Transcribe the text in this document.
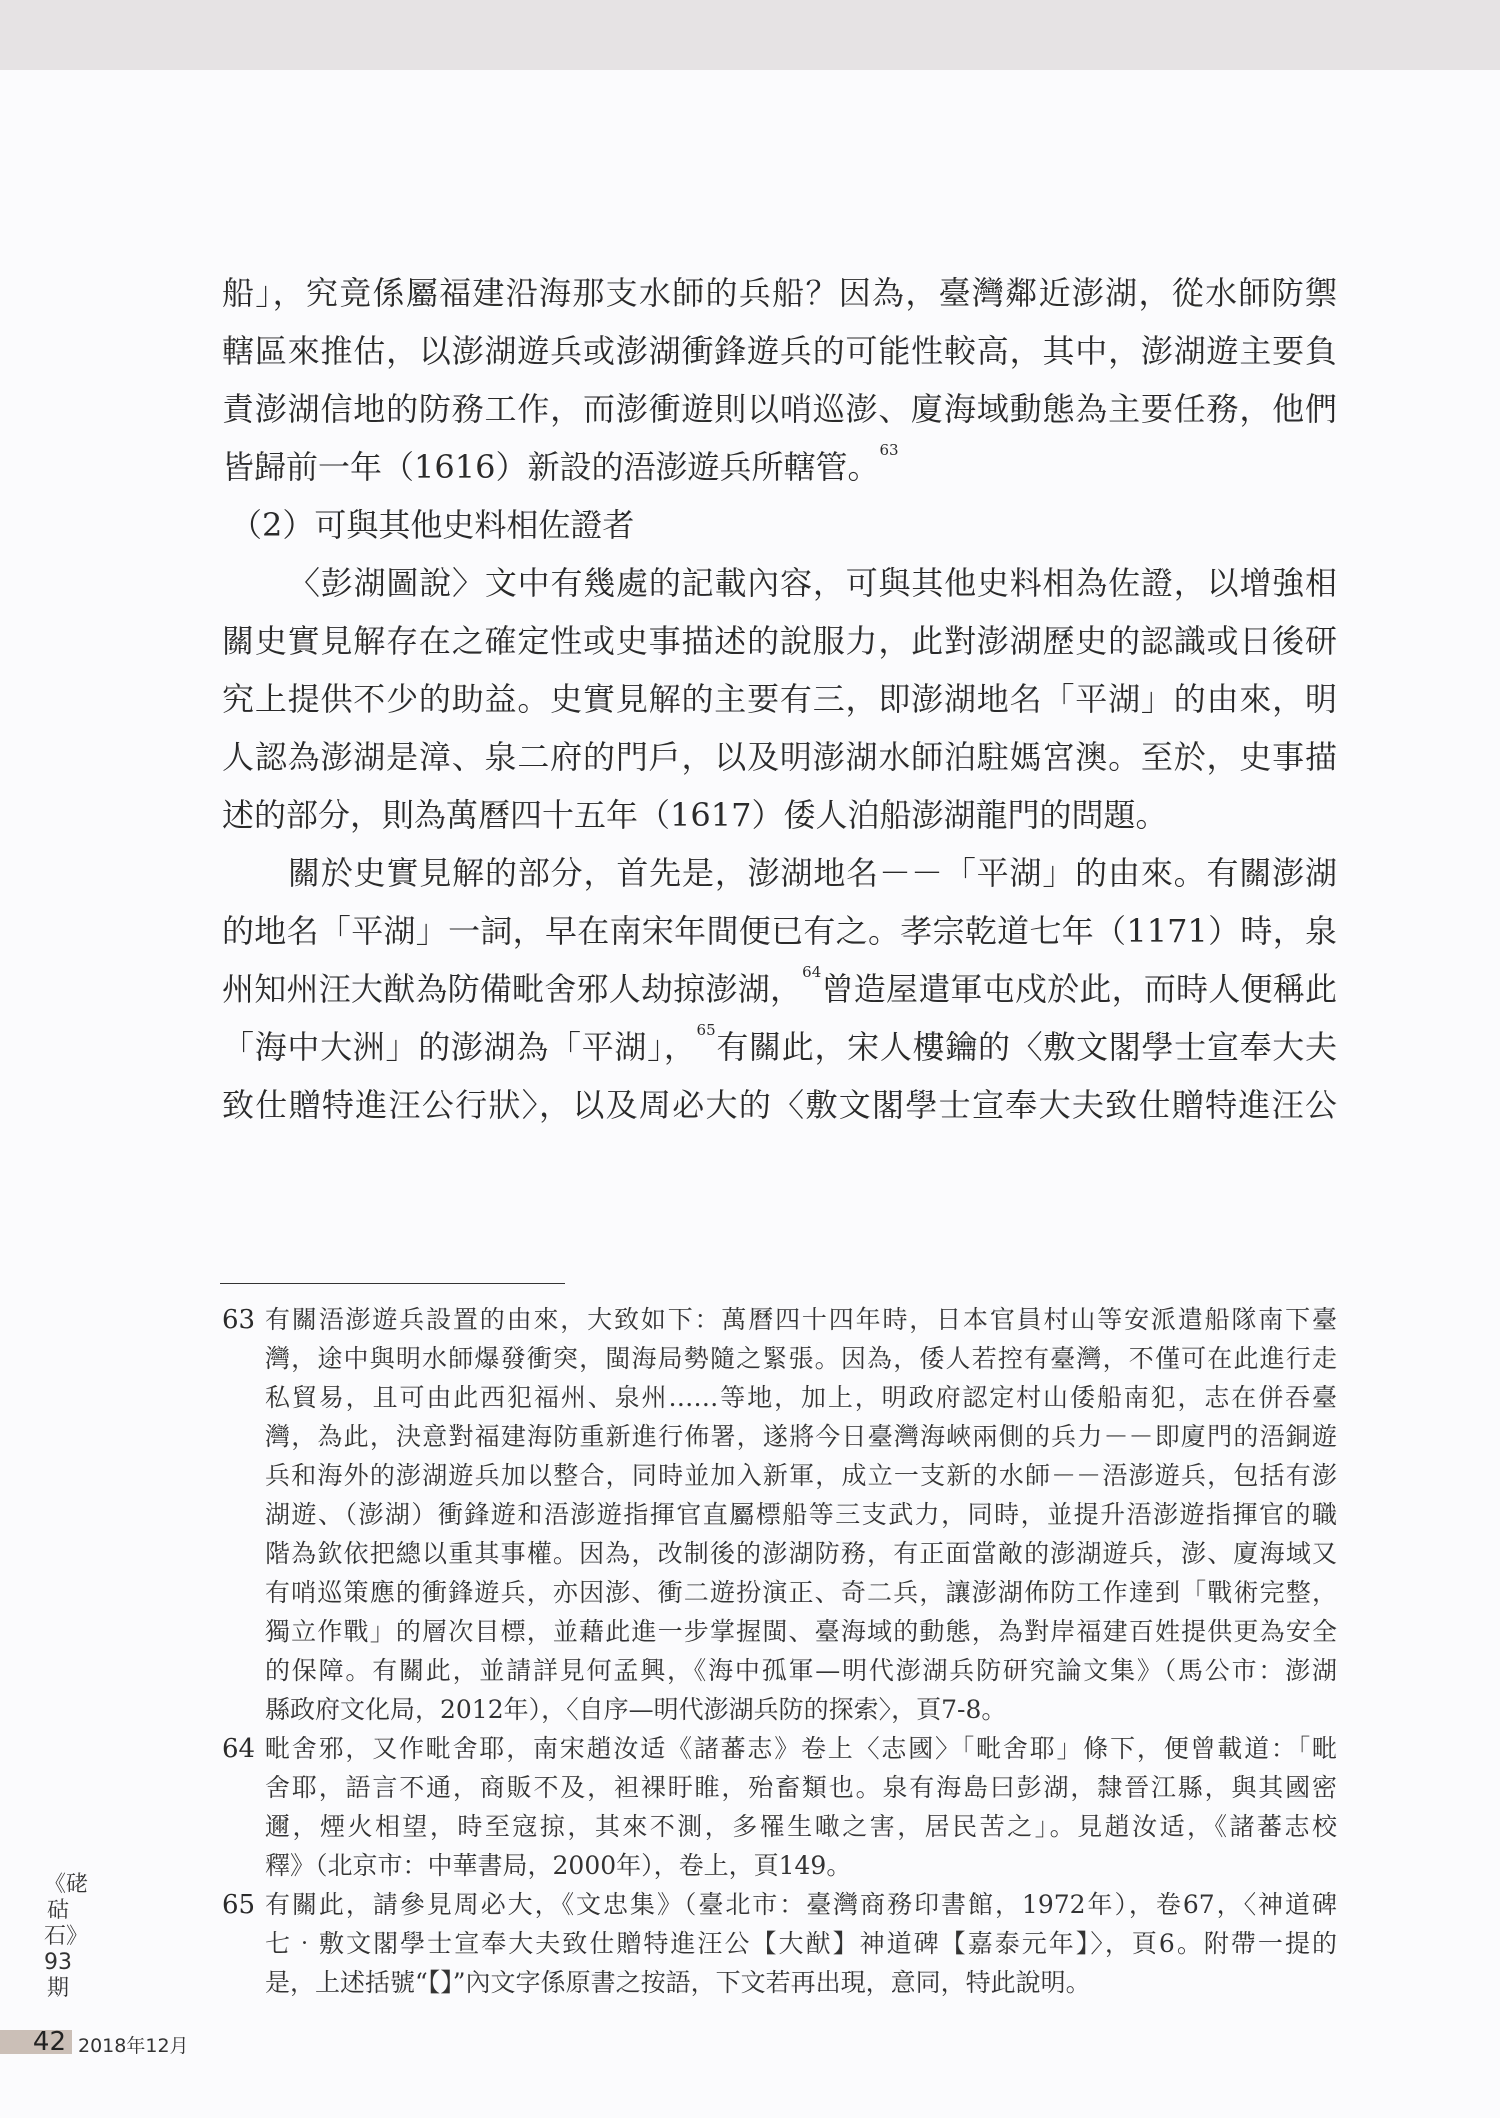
船」，究竟係屬福建沿海那支水師的兵船？因為，臺灣鄰近澎湖，從水師防禦
轄區來推估，以澎湖遊兵或澎湖衝鋒遊兵的可能性較高，其中，澎湖遊主要負
責澎湖信地的防務工作，而澎衝遊則以哨巡澎、廈海域動態為主要任務，他們
皆歸前一年（1616）新設的浯澎遊兵所轄管。$^{63}$
（2）可與其他史料相佐證者
〈彭湖圖說〉文中有幾處的記載內容，可與其他史料相為佐證，以增強相
關史實見解存在之確定性或史事描述的說服力，此對澎湖歷史的認識或日後研
究上提供不少的助益。史實見解的主要有三，即澎湖地名「平湖」的由來，明
人認為澎湖是漳、泉二府的門戶，以及明澎湖水師泊駐媽宮澳。至於，史事描
述的部分，則為萬曆四十五年（1617）倭人泊船澎湖龍門的問題。
關於史實見解的部分，首先是，澎湖地名－－「平湖」的由來。有關澎湖
的地名「平湖」一詞，早在南宋年間便已有之。孝宗乾道七年（1171）時，泉
州知州汪大猷為防備毗舍邪人劫掠澎湖，$^{64}$曾造屋遣軍屯戍於此，而時人便稱此
「海中大洲」的澎湖為「平湖」，$^{65}$有關此，宋人樓鑰的〈敷文閣學士宣奉大夫
致仕贈特進汪公行狀〉，以及周必大的〈敷文閣學士宣奉大夫致仕贈特進汪公
63 有關浯澎遊兵設置的由來，大致如下：萬曆四十四年時，日本官員村山等安派遣船隊南下臺
灣，途中與明水師爆發衝突，閩海局勢隨之緊張。因為，倭人若控有臺灣，不僅可在此進行走
私貿易，且可由此西犯福州、泉州……等地，加上，明政府認定村山倭船南犯，志在併吞臺
灣，為此，決意對福建海防重新進行佈署，遂將今日臺灣海峽兩側的兵力－－即廈門的浯銅遊
兵和海外的澎湖遊兵加以整合，同時並加入新軍，成立一支新的水師－－浯澎遊兵，包括有澎
湖遊、（澎湖）衝鋒遊和浯澎遊指揮官直屬標船等三支武力，同時，並提升浯澎遊指揮官的職
階為欽依把總以重其事權。因為，改制後的澎湖防務，有正面當敵的澎湖遊兵，澎、廈海域又
有哨巡策應的衝鋒遊兵，亦因澎、衝二遊扮演正、奇二兵，讓澎湖佈防工作達到「戰術完整，
獨立作戰」的層次目標，並藉此進一步掌握閩、臺海域的動態，為對岸福建百姓提供更為安全
的保障。有關此，並請詳見何孟興，《海中孤軍—明代澎湖兵防研究論文集》（馬公市：澎湖
縣政府文化局，2012年），〈自序—明代澎湖兵防的探索〉，頁7-8。
64 毗舍邪，又作毗舍耶，南宋趙汝适《諸蕃志》卷上〈志國〉「毗舍耶」條下，便曾載道：「毗
舍耶，語言不通，商販不及，袒裸盱睢，殆畜類也。泉有海島曰彭湖，隸晉江縣，與其國密
邇，煙火相望，時至寇掠，其來不測，多罹生噉之害，居民苦之」。見趙汝适，《諸蕃志校
釋》（北京市：中華書局，2000年），卷上，頁149。
65 有關此，請參見周必大，《文忠集》（臺北市：臺灣商務印書館，1972年），卷67，〈神道碑
七‧敷文閣學士宣奉大夫致仕贈特進汪公【大猷】神道碑【嘉泰元年】〉，頁6。附帶一提的
是，上述括號“【】”內文字係原書之按語，下文若再出現，意同，特此說明。
《硓𥑮石》93期
42 2018年12月
